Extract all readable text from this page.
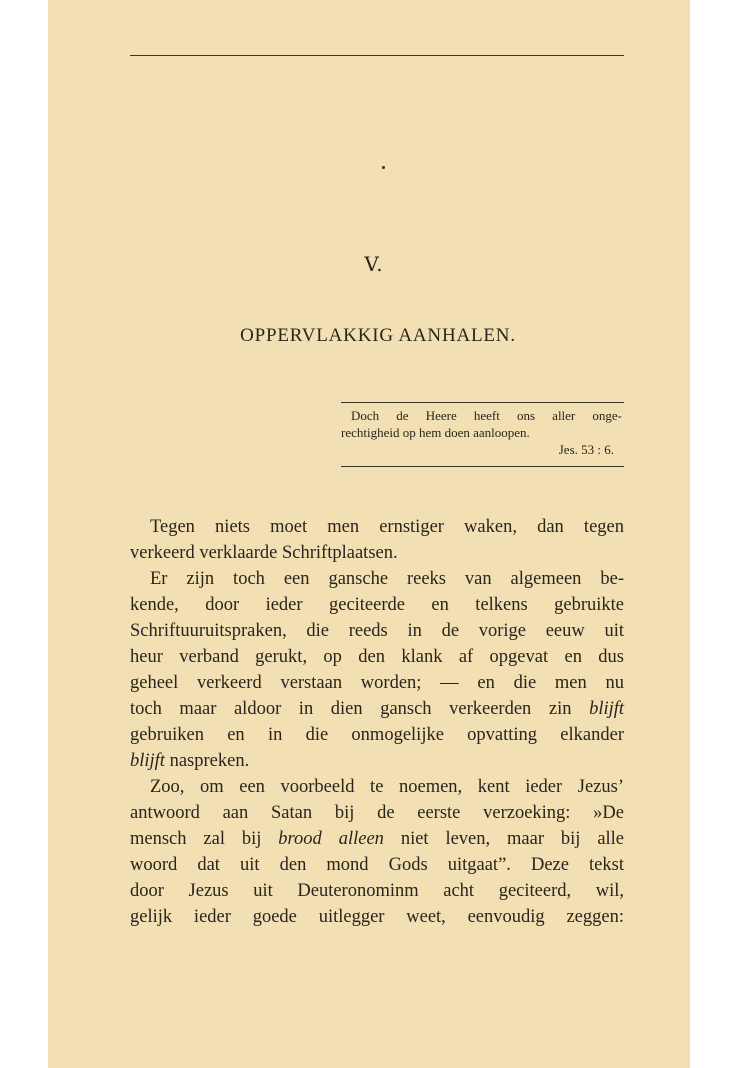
V.
OPPERVLAKKIG AANHALEN.
Doch de Heere heeft ons aller onge-
rechtigheid op hem doen aanloopen.
Jes. 53 : 6.
Tegen niets moet men ernstiger waken, dan tegen
verkeerd verklaarde Schriftplaatsen.
Er zijn toch een gansche reeks van algemeen be-
kende, door ieder geciteerde en telkens gebruikte
Schriftuuruitspraken, die reeds in de vorige eeuw uit
heur verband gerukt, op den klank af opgevat en dus
geheel verkeerd verstaan worden; — en die men nu
toch maar aldoor in dien gansch verkeerden zin blijft
gebruiken en in die onmogelijke opvatting elkander
blijft naspreken.
Zoo, om een voorbeeld te noemen, kent ieder Jezus’
antwoord aan Satan bij de eerste verzoeking: »De
mensch zal bij brood alleen niet leven, maar bij alle
woord dat uit den mond Gods uitgaat”. Deze tekst
door Jezus uit Deuteronominm acht geciteerd, wil,
gelijk ieder goede uitlegger weet, eenvoudig zeggen:
